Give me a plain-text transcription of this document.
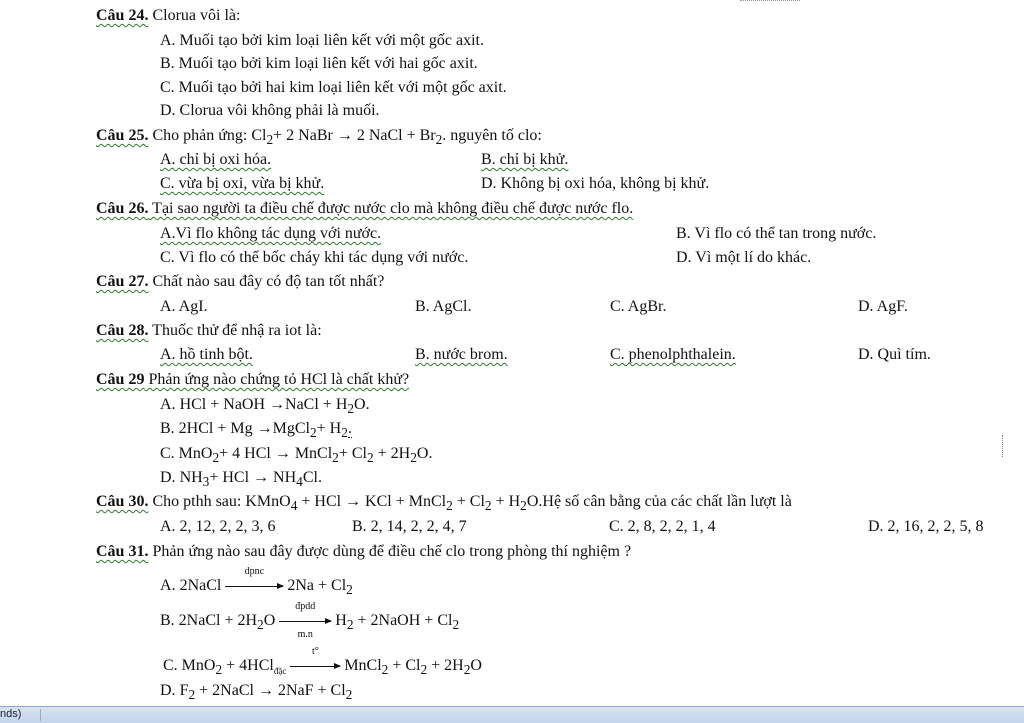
Câu 24. Clorua vôi là:
A. Muối tạo bởi kim loại liên kết với một gốc axit.
B. Muối tạo bởi kim loại liên kết với hai gốc axit.
C. Muối tạo bởi hai kim loại liên kết với một gốc axit.
D. Clorua vôi không phải là muối.
Câu 25. Cho phản ứng: $Cl_2+ 2$ NaBr → 2 NaCl + $Br_2$. nguyên tố clo:
A. chỉ bị oxi hóa.	B. chỉ bị khử.
C. vừa bị oxi, vừa bị khử.	D. Không bị oxi hóa, không bị khử.
Câu 26. Tại sao người ta điều chế được nước clo mà không điều chế được nước flo.
A.Vì flo không tác dụng với nước.	B. Vì flo có thể tan trong nước.
C. Vì flo có thể bốc cháy khi tác dụng với nước.	D. Vì một lí do khác.
Câu 27. Chất nào sau đây có độ tan tốt nhất?
A. AgI.	B. AgCl.	C. AgBr.	D. AgF.
Câu 28. Thuốc thử để nhậ ra iot là:
A. hồ tinh bột.	B. nước brom.	C. phenolphthalein.	D. Quì tím.
Câu 29 Phản ứng nào chứng tỏ HCl là chất khử?
A. HCl + NaOH →NaCl + $H_2O$.
B. 2HCl + Mg →MgCl$_2$+ $H_2$.
C. MnO$_2$+ 4 HCl → MnCl$_2$+ $Cl_2 + 2H_2O$.
D. $NH_3+$ HCl → $NH_4Cl$.
Câu 30. Cho pthh sau: KMnO$_4$ + HCl → KCl + MnCl$_2$ + $Cl_2$ + $H_2O.Hệ$ số cân bằng của các chất lần lượt là
A. 2, 12, 2, 2, 3, 6	B. 2, 14, 2, 2, 4, 7	C. 2, 8, 2, 2, 1, 4	D. 2, 16, 2, 2, 5, 8
Câu 31. Phản ứng nào sau đây được dùng để điều chế clo trong phòng thí nghiệm ?
A. 2NaCl
dpnc
$2Na + Cl_2$
B. 2NaCl + $2H_2O$
đpdd
m.n
$H_2$ + 2NaOH + $Cl_2$
C. MnO$_2$ + 4HCl$_{đặc}$
t°
MnCl$_2$ + $Cl_2 + 2H_2O$
D. $F_2$ + 2NaCl → $2NaF + Cl_2$
nds)
